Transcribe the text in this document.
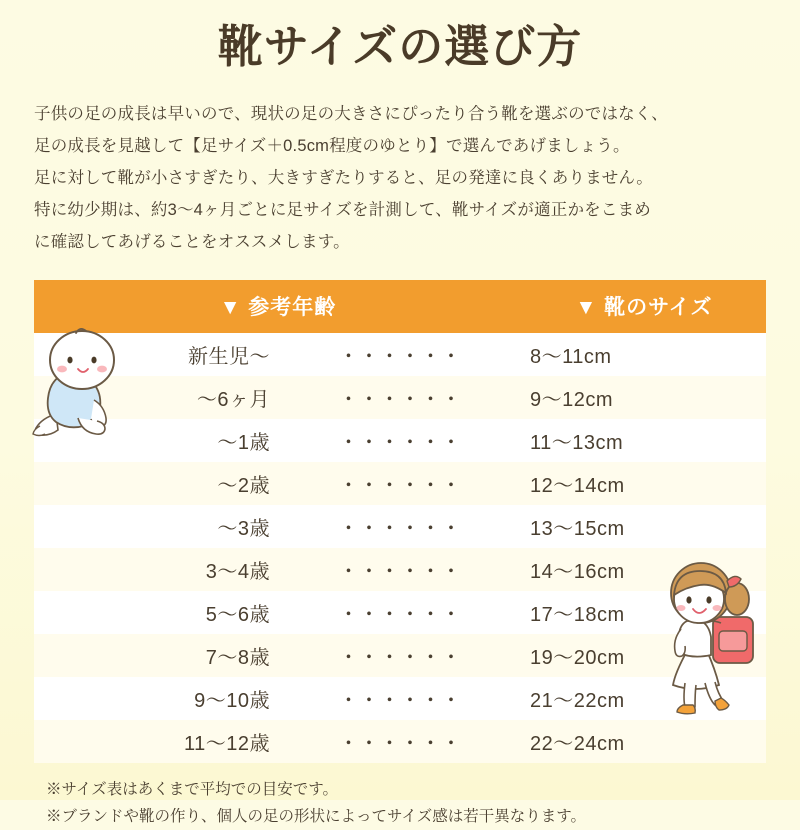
靴サイズの選び方
子供の足の成長は早いので、現状の足の大きさにぴったり合う靴を選ぶのではなく、
足の成長を見越して【足サイズ＋0.5cm程度のゆとり】で選んであげましょう。
足に対して靴が小さすぎたり、大きすぎたりすると、足の発達に良くありません。
特に幼少期は、約3〜4ヶ月ごとに足サイズを計測して、靴サイズが適正かをこまめ
に確認してあげることをオススメします。
▼ 参考年齢		▼ 靴のサイズ
新生児〜	・・・・・・	8〜11cm
〜6ヶ月	・・・・・・	9〜12cm
〜1歳	・・・・・・	11〜13cm
〜2歳	・・・・・・	12〜14cm
〜3歳	・・・・・・	13〜15cm
3〜4歳	・・・・・・	14〜16cm
5〜6歳	・・・・・・	17〜18cm
7〜8歳	・・・・・・	19〜20cm
9〜10歳	・・・・・・	21〜22cm
11〜12歳	・・・・・・	22〜24cm
※サイズ表はあくまで平均での目安です。
※ブランドや靴の作り、個人の足の形状によってサイズ感は若干異なります。
